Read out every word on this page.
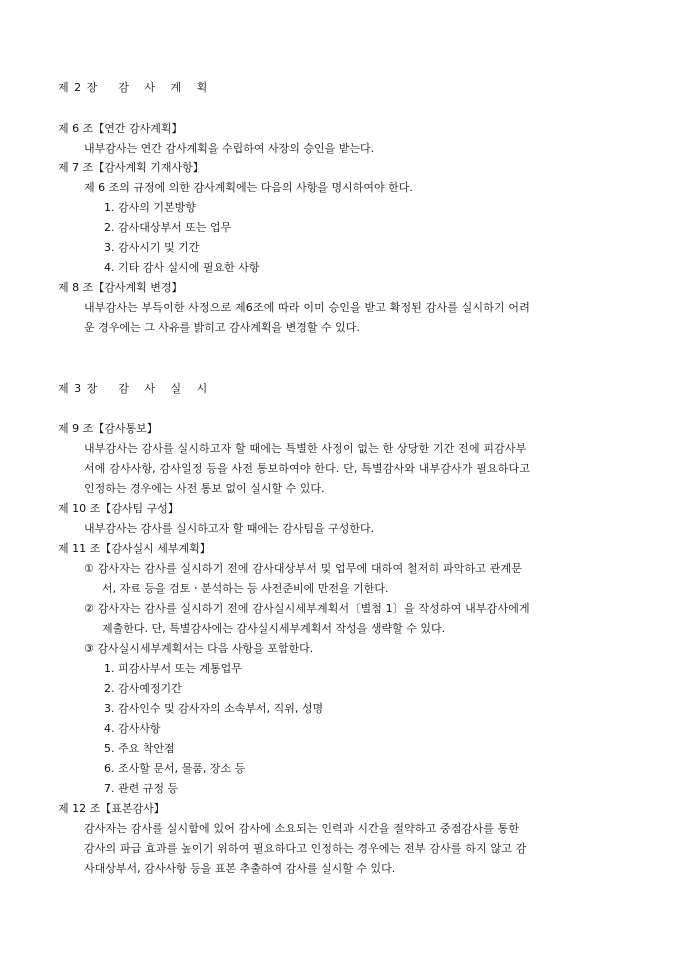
제 2 장 감 사 계 획
제 6 조【연간 감사계획】
내부감사는 연간 감사계획을 수립하여 사장의 승인을 받는다.
제 7 조【감사계획 기재사항】
제 6 조의 규정에 의한 감사계획에는 다음의 사항을 명시하여야 한다.
1. 감사의 기본방향
2. 감사대상부서 또는 업무
3. 감사시기 및 기간
4. 기타 감사 실시에 필요한 사항
제 8 조【감사계획 변경】
내부감사는 부득이한 사정으로 제6조에 따라 이미 승인을 받고 확정된 감사를 실시하기 어려
운 경우에는 그 사유를 밝히고 감사계획을 변경할 수 있다.
제 3 장 감 사 실 시
제 9 조【감사통보】
내부감사는 감사를 실시하고자 할 때에는 특별한 사정이 없는 한 상당한 기간 전에 피감사부
서에 감사사항, 감사일정 등을 사전 통보하여야 한다. 단, 특별감사와 내부감사가 필요하다고
인정하는 경우에는 사전 통보 없이 실시할 수 있다.
제 10 조【감사팀 구성】
내부감사는 감사를 실시하고자 할 때에는 감사팀을 구성한다.
제 11 조【감사실시 세부계획】
① 감사자는 감사를 실시하기 전에 감사대상부서 및 업무에 대하여 철저히 파악하고 관계문
서, 자료 등을 검토ㆍ분석하는 등 사전준비에 만전을 기한다.
② 감사자는 감사를 실시하기 전에 감사실시세부계획서〔별첨 1〕을 작성하여 내부감사에게
제출한다. 단, 특별감사에는 감사실시세부계획서 작성을 생략할 수 있다.
③ 감사실시세부계획서는 다음 사항을 포함한다.
1. 피감사부서 또는 계통업무
2. 감사예정기간
3. 감사인수 및 감사자의 소속부서, 직위, 성명
4. 감사사항
5. 주요 착안점
6. 조사할 문서, 물품, 장소 등
7. 관련 규정 등
제 12 조【표본감사】
감사자는 감사를 실시함에 있어 감사에 소요되는 인력과 시간을 절약하고 중점감사를 통한
감사의 파급 효과를 높이기 위하여 필요하다고 인정하는 경우에는 전부 감사를 하지 않고 감
사대상부서, 감사사항 등을 표본 추출하여 감사를 실시할 수 있다.
